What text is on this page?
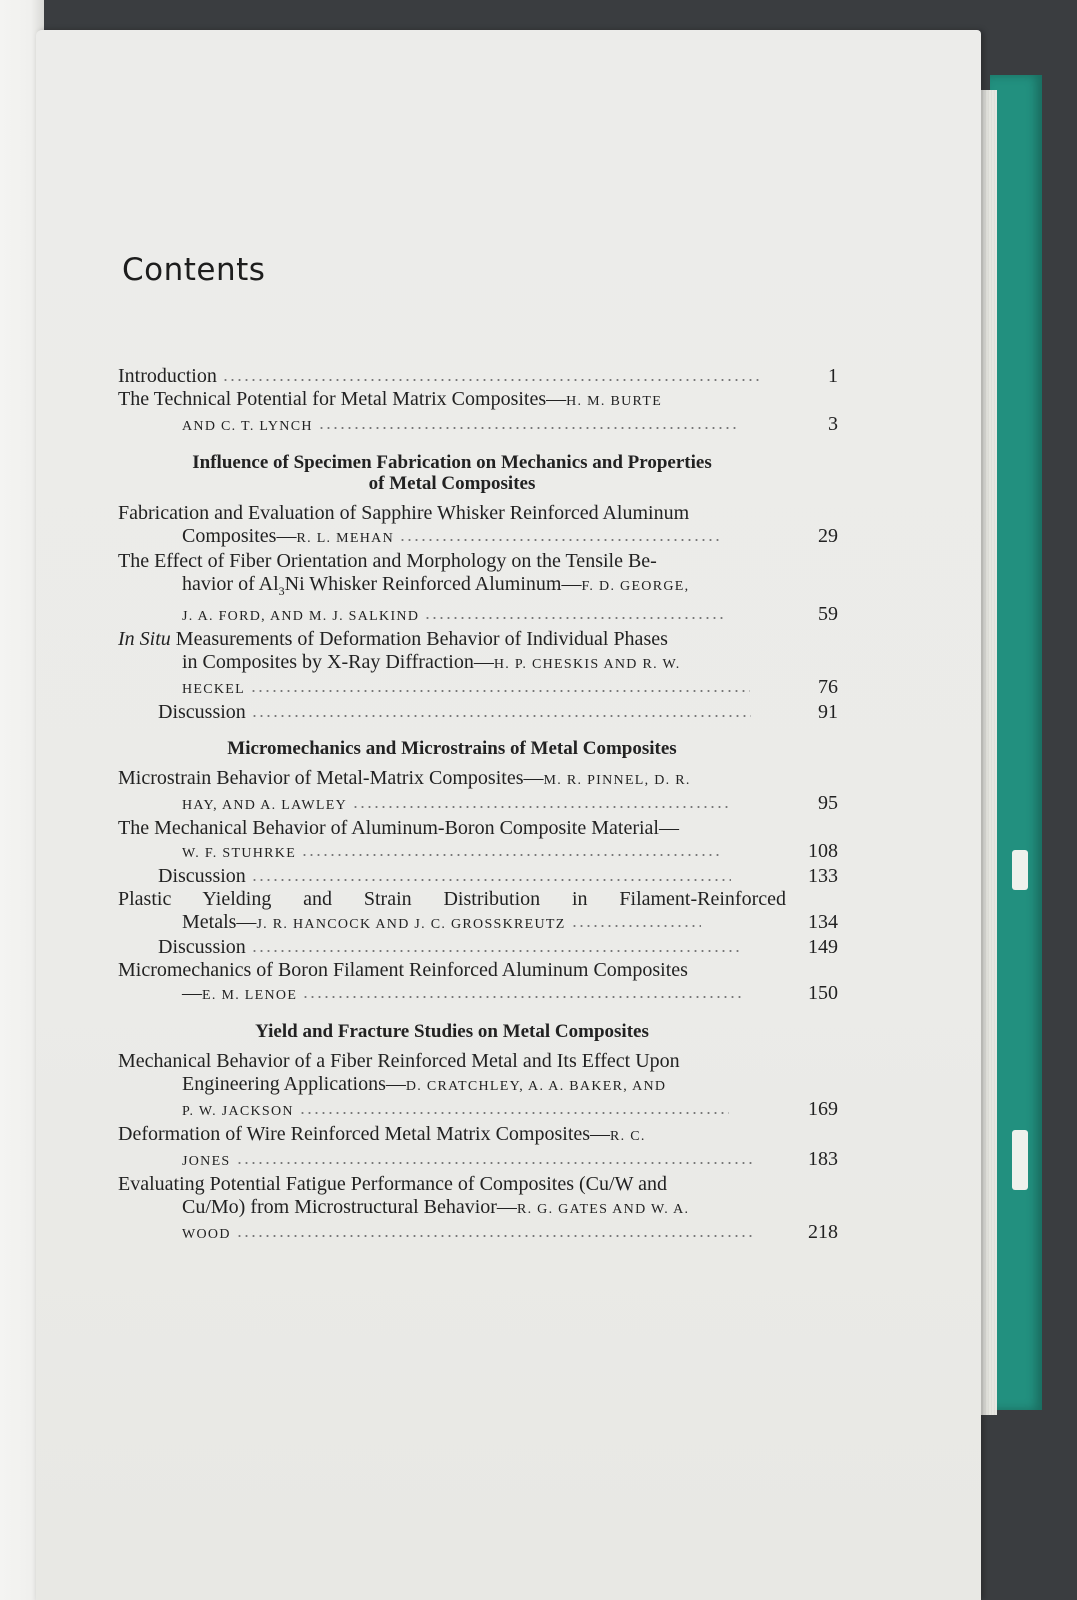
Contents
Introduction	1
The Technical Potential for Metal Matrix Composites—H. M. BURTE
AND C. T. LYNCH	3
Influence of Specimen Fabrication on Mechanics and Properties
of Metal Composites
Fabrication and Evaluation of Sapphire Whisker Reinforced Aluminum
Composites—R. L. MEHAN	29
The Effect of Fiber Orientation and Morphology on the Tensile Be-
havior of $Al_3Ni$ Whisker Reinforced Aluminum—F. D. GEORGE,
J. A. FORD, AND M. J. SALKIND	59
In Situ Measurements of Deformation Behavior of Individual Phases
in Composites by X-Ray Diffraction—H. P. CHESKIS AND R. W.
HECKEL	76
Discussion	91
Micromechanics and Microstrains of Metal Composites
Microstrain Behavior of Metal-Matrix Composites—M. R. PINNEL, D. R.
HAY, AND A. LAWLEY	95
The Mechanical Behavior of Aluminum-Boron Composite Material—
W. F. STUHRKE	108
Discussion	133
Plastic Yielding and Strain Distribution in Filament-Reinforced
Metals—J. R. HANCOCK AND J. C. GROSSKREUTZ	134
Discussion	149
Micromechanics of Boron Filament Reinforced Aluminum Composites
—E. M. LENOE	150
Yield and Fracture Studies on Metal Composites
Mechanical Behavior of a Fiber Reinforced Metal and Its Effect Upon
Engineering Applications—D. CRATCHLEY, A. A. BAKER, AND
P. W. JACKSON	169
Deformation of Wire Reinforced Metal Matrix Composites—R. C.
JONES	183
Evaluating Potential Fatigue Performance of Composites (Cu/W and
Cu/Mo) from Microstructural Behavior—R. G. GATES AND W. A.
WOOD	218
